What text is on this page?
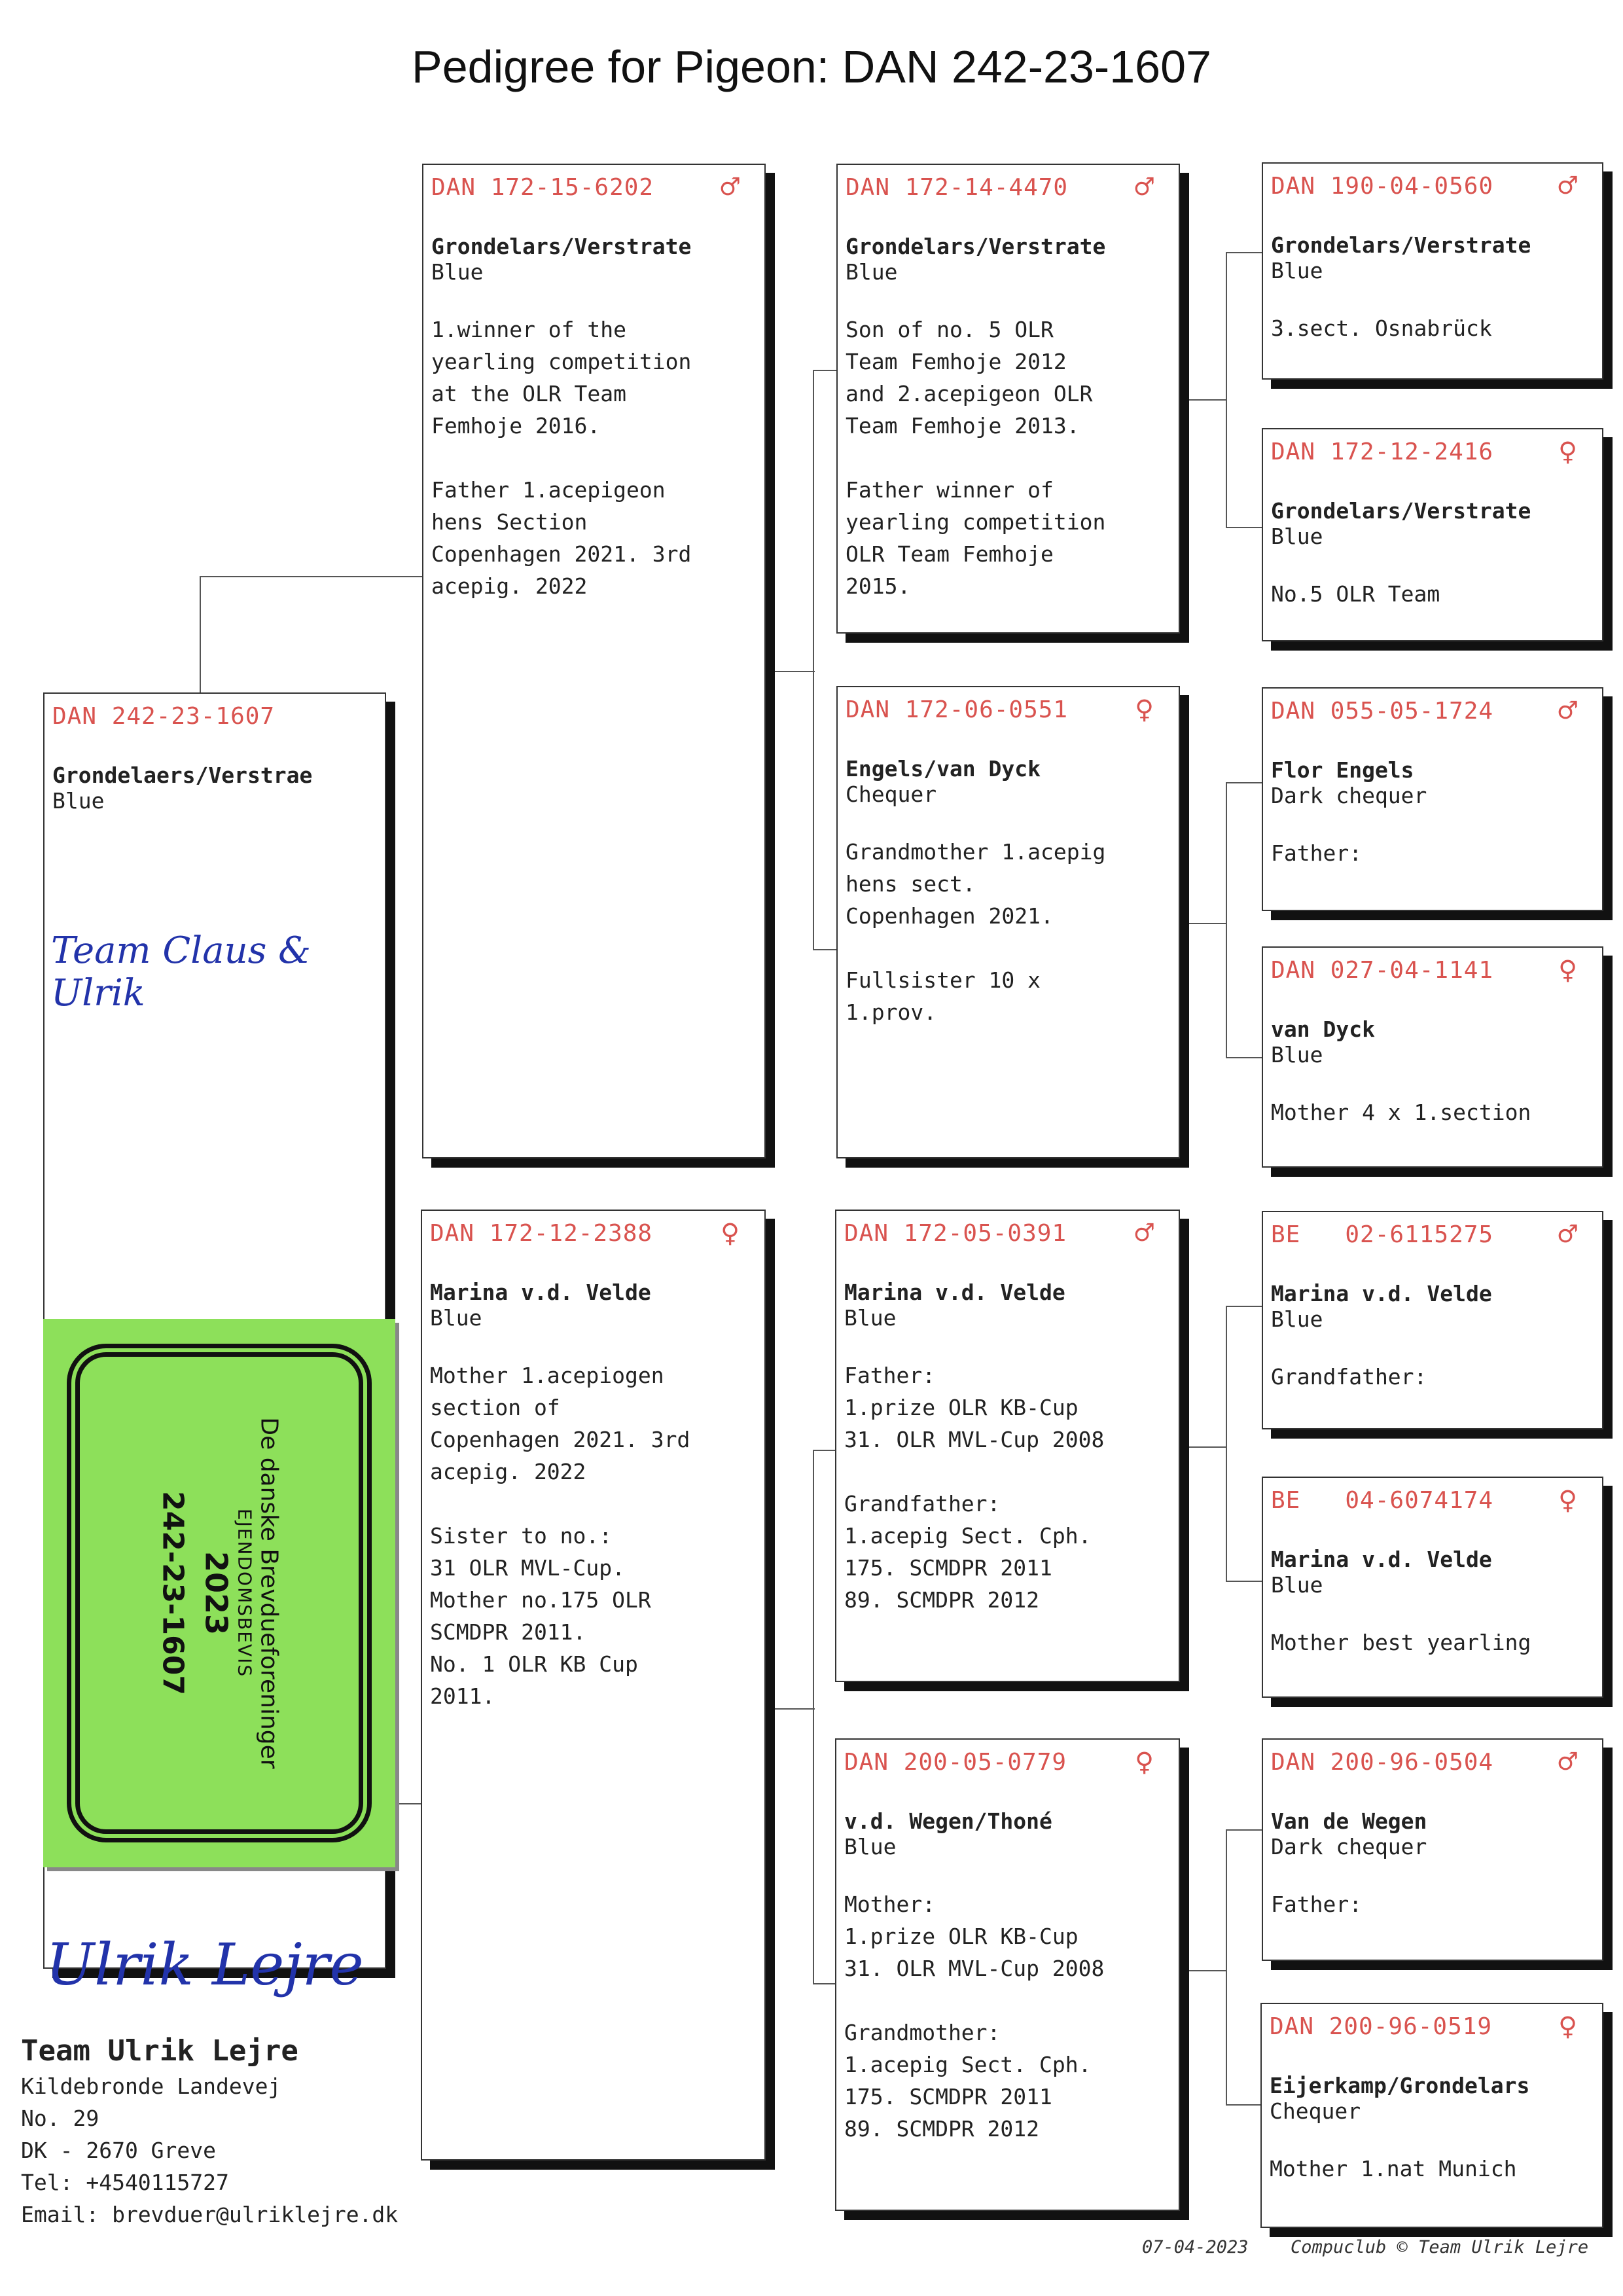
Pedigree for Pigeon: DAN 242-23-1607
DAN 242-23-1607
Grondelaers/Verstrae
Blue
Team Claus & Ulrik
DAN 172-15-6202	♂
Grondelars/Verstrate
Blue
1.winner of the
yearling competition
at the OLR Team
Femhoje 2016.

Father 1.acepigeon
hens Section
Copenhagen 2021. 3rd
acepig. 2022
DAN 172-12-2388	♀
Marina v.d. Velde
Blue
Mother 1.acepiogen
section of
Copenhagen 2021. 3rd
acepig. 2022

Sister to no.:
31 OLR MVL-Cup.
Mother no.175 OLR
SCMDPR 2011.
No. 1 OLR KB Cup
2011.
DAN 172-14-4470	♂
Grondelars/Verstrate
Blue
Son of no. 5 OLR
Team Femhoje 2012
and 2.acepigeon OLR
Team Femhoje 2013.

Father winner of
yearling competition
OLR Team Femhoje
2015.
DAN 172-06-0551	♀
Engels/van Dyck
Chequer
Grandmother 1.acepig
hens sect.
Copenhagen 2021.

Fullsister 10 x
1.prov.
DAN 172-05-0391	♂
Marina v.d. Velde
Blue
Father:
1.prize OLR KB-Cup
31. OLR MVL-Cup 2008

Grandfather:
1.acepig Sect. Cph.
175. SCMDPR 2011
89. SCMDPR 2012
DAN 200-05-0779	♀
v.d. Wegen/Thoné
Blue
Mother:
1.prize OLR KB-Cup
31. OLR MVL-Cup 2008

Grandmother:
1.acepig Sect. Cph.
175. SCMDPR 2011
89. SCMDPR 2012
DAN 190-04-0560	♂
Grondelars/Verstrate
Blue
3.sect. Osnabrück
DAN 172-12-2416	♀
Grondelars/Verstrate
Blue
No.5 OLR Team
DAN 055-05-1724	♂
Flor Engels
Dark chequer
Father:
DAN 027-04-1141	♀
van Dyck
Blue
Mother 4 x 1.section
BE   02-6115275	♂
Marina v.d. Velde
Blue
Grandfather:
BE   04-6074174	♀
Marina v.d. Velde
Blue
Mother best yearling
DAN 200-96-0504	♂
Van de Wegen
Dark chequer
Father:
DAN 200-96-0519	♀
Eijerkamp/Grondelars
Chequer
Mother 1.nat Munich
De danske Brevdueforeninger
EJENDOMSBEVIS
2023
242-23-1607
Ulrik Lejre
Team Ulrik Lejre
Kildebronde Landevej
No. 29
DK - 2670 Greve
Tel: +4540115727
Email: brevduer@ulriklejre.dk
07-04-2023 Compuclub © Team Ulrik Lejre
